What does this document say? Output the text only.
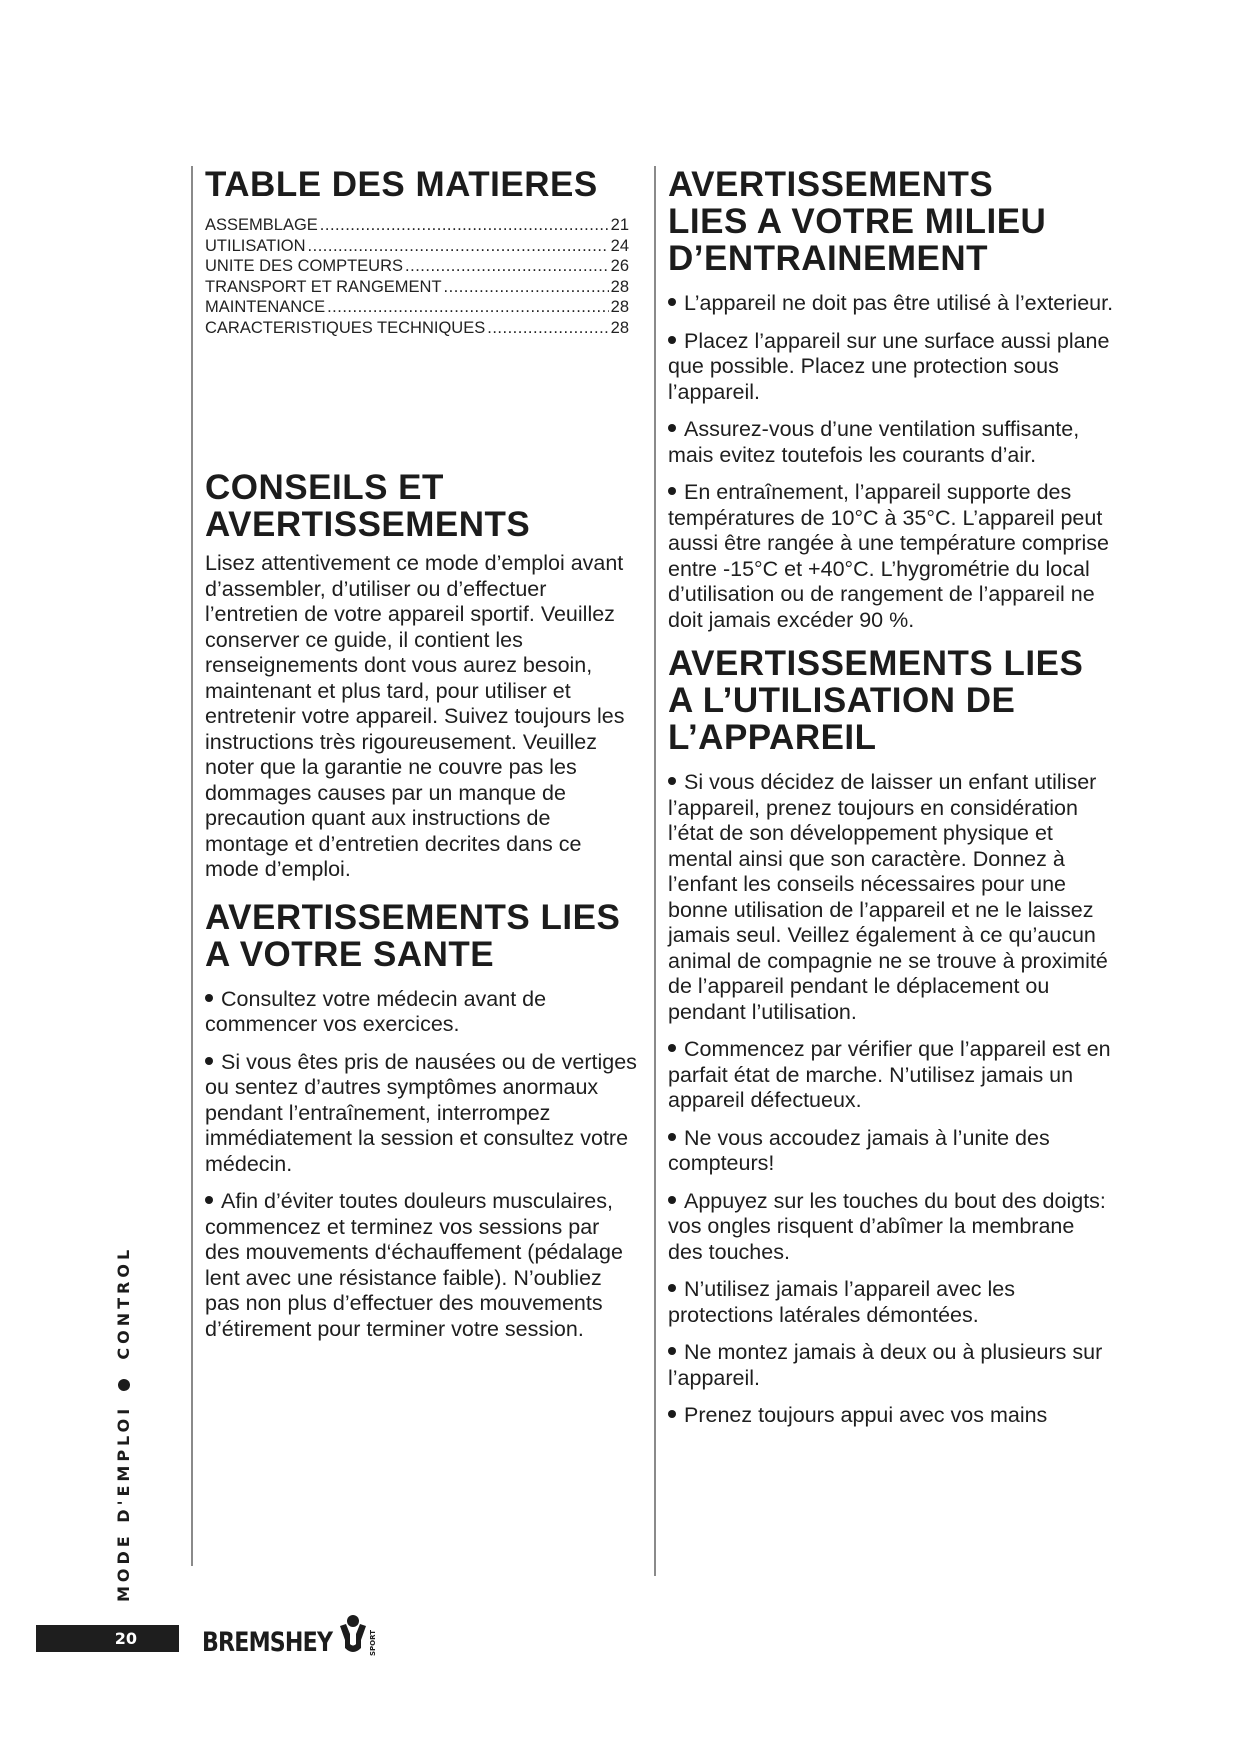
TABLE DES MATIERES
ASSEMBLAGE .....	21
UTILISATION .....	24
UNITE DES COMPTEURS .....	26
TRANSPORT ET RANGEMENT .....	28
MAINTENANCE .....	28
CARACTERISTIQUES TECHNIQUES .....	28
CONSEILS ET
AVERTISSEMENTS

Lisez attentivement ce mode d’emploi avant d’assembler, d’utiliser ou d’effectuer l’entretien de votre appareil sportif. Veuillez conserver ce guide, il contient les renseignements dont vous aurez besoin, maintenant et plus tard, pour utiliser et entretenir votre appareil. Suivez toujours les instructions très rigoureusement. Veuillez noter que la garantie ne couvre pas les dommages causes par un manque de precaution quant aux instructions de montage et d’entretien decrites dans ce mode d’emploi.

AVERTISSEMENTS LIES
A VOTRE SANTE

Consultez votre médecin avant de commencer vos exercices.

Si vous êtes pris de nausées ou de vertiges ou sentez d’autres symptômes anormaux pendant l’entraînement, interrompez immédiatement la session et consultez votre médecin.

Afin d’éviter toutes douleurs musculaires, commencez et terminez vos sessions par des mouvements d‘échauffement (pédalage lent avec une résistance faible). N’oubliez pas non plus d’effectuer des mouvements d’étirement pour terminer votre session.

AVERTISSEMENTS
LIES A VOTRE MILIEU
D’ENTRAINEMENT

L’appareil ne doit pas être utilisé à l’exterieur.

Placez l’appareil sur une surface aussi plane que possible. Placez une protection sous l’appareil.

Assurez-vous d’une ventilation suffisante, mais evitez toutefois les courants d’air.

En entraînement, l’appareil supporte des températures de 10°C à 35°C. L’appareil peut aussi être rangée à une température comprise entre -15°C et +40°C. L’hygrométrie du local d’utilisation ou de rangement de l’appareil ne doit jamais excéder 90 %.

AVERTISSEMENTS LIES
A L’UTILISATION DE
L’APPAREIL

Si vous décidez de laisser un enfant utiliser l’appareil, prenez toujours en considération l’état de son développement physique et mental ainsi que son caractère. Donnez à l’enfant les conseils nécessaires pour une bonne utilisation de l’appareil et ne le laissez jamais seul. Veillez également à ce qu’aucun animal de compagnie ne se trouve à proximité de l’appareil pendant le déplacement ou pendant l’utilisation.

Commencez par vérifier que l’appareil est en parfait état de marche. N’utilisez jamais un appareil défectueux.

Ne vous accoudez jamais à l’unite des compteurs!

Appuyez sur les touches du bout des doigts: vos ongles risquent d’abîmer la membrane des touches.

N’utilisez jamais l’appareil avec les protections latérales démontées.

Ne montez jamais à deux ou à plusieurs sur l’appareil.

Prenez toujours appui avec vos mains

MODE D'EMPLOI  CONTROL
20	BREMSHEY	SPORT
